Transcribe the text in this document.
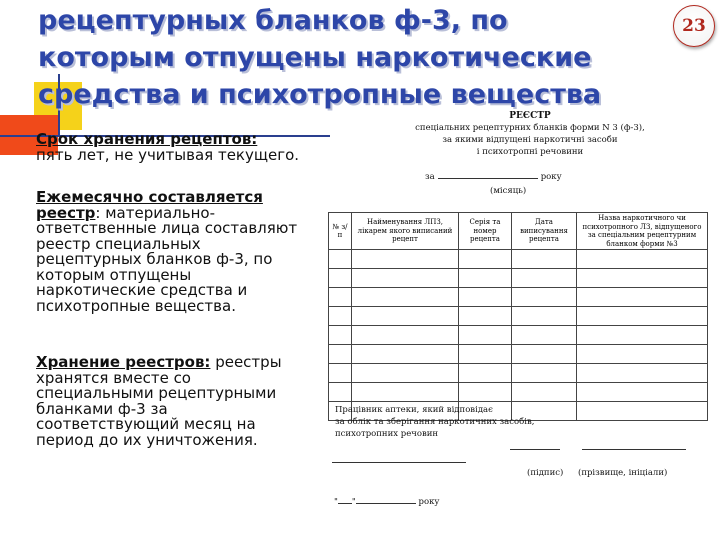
рецептурных бланков ф-3, по
которым отпущены наркотические
средства и психотропные вещества
23
Срок хранения рецептов:
пять лет, не учитывая текущего.
Ежемесячно составляется реестр: материально-ответственные лица составляют реестр специальных рецептурных бланков ф-3, по которым отпущены наркотические средства и психотропные вещества.
Хранение реестров: реестры хранятся вместе со специальными рецептурными бланками ф-3 за соответствующий месяц на период до их уничтожения.
РЕЄСТР
спеціальних рецептурних бланків форми N 3 (ф-3),
за якими відпущені наркотичні засоби
і психотропні речовини
за	року
(місяць)
№ з/п	Найменування ЛПЗ, лікарем якого виписаний рецепт	Серія та номер рецепта	Дата виписування рецепта	Назва наркотичного чи психотропного ЛЗ, відпущеного за спеціальним рецептурним бланком форми №3

Працівник аптеки, який відповідає
за облік та зберігання наркотичних засобів,
психотропних речовин
(підпис) (прізвище, ініціали)
" "	року
